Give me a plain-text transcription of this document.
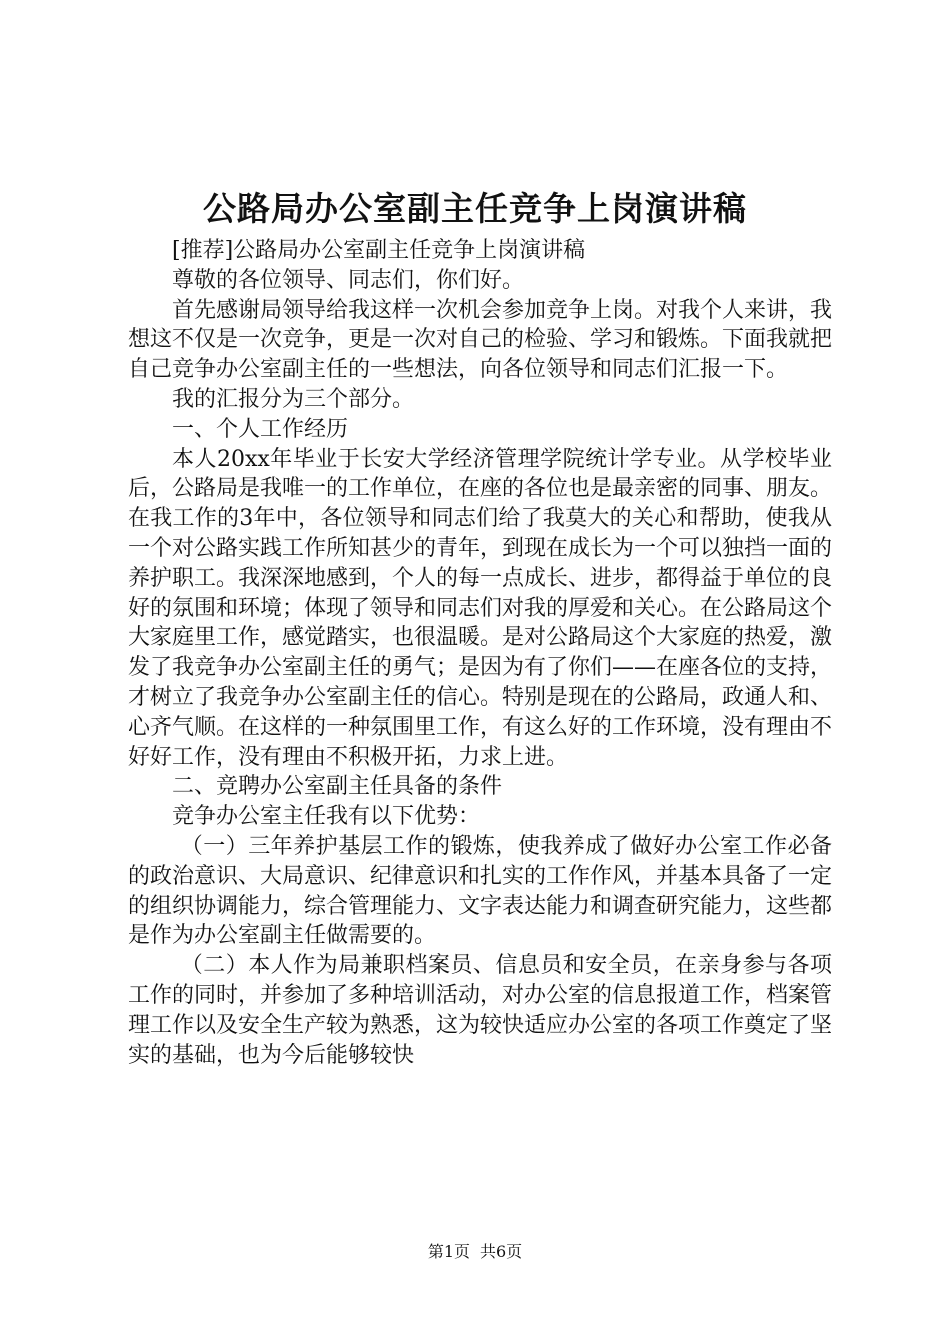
公路局办公室副主任竞争上岗演讲稿

[推荐]公路局办公室副主任竞争上岗演讲稿

尊敬的各位领导、同志们，你们好。

首先感谢局领导给我这样一次机会参加竞争上岗。对我个人来讲，我想这不仅是一次竞争，更是一次对自己的检验、学习和锻炼。下面我就把自己竞争办公室副主任的一些想法，向各位领导和同志们汇报一下。

我的汇报分为三个部分。

一、个人工作经历

本人20xx年毕业于长安大学经济管理学院统计学专业。从学校毕业后，公路局是我唯一的工作单位，在座的各位也是最亲密的同事、朋友。在我工作的3年中，各位领导和同志们给了我莫大的关心和帮助，使我从一个对公路实践工作所知甚少的青年，到现在成长为一个可以独挡一面的养护职工。我深深地感到，个人的每一点成长、进步，都得益于单位的良好的氛围和环境；体现了领导和同志们对我的厚爱和关心。在公路局这个大家庭里工作，感觉踏实，也很温暖。是对公路局这个大家庭的热爱，激发了我竞争办公室副主任的勇气；是因为有了你们——在座各位的支持，才树立了我竞争办公室副主任的信心。特别是现在的公路局，政通人和、心齐气顺。在这样的一种氛围里工作，有这么好的工作环境，没有理由不好好工作，没有理由不积极开拓，力求上进。

二、竞聘办公室副主任具备的条件

竞争办公室主任我有以下优势：

（一）三年养护基层工作的锻炼，使我养成了做好办公室工作必备的政治意识、大局意识、纪律意识和扎实的工作作风，并基本具备了一定的组织协调能力，综合管理能力、文字表达能力和调查研究能力，这些都是作为办公室副主任做需要的。

（二）本人作为局兼职档案员、信息员和安全员，在亲身参与各项工作的同时，并参加了多种培训活动，对办公室的信息报道工作，档案管理工作以及安全生产较为熟悉，这为较快适应办公室的各项工作奠定了坚实的基础，也为今后能够较快

第1页 共6页
